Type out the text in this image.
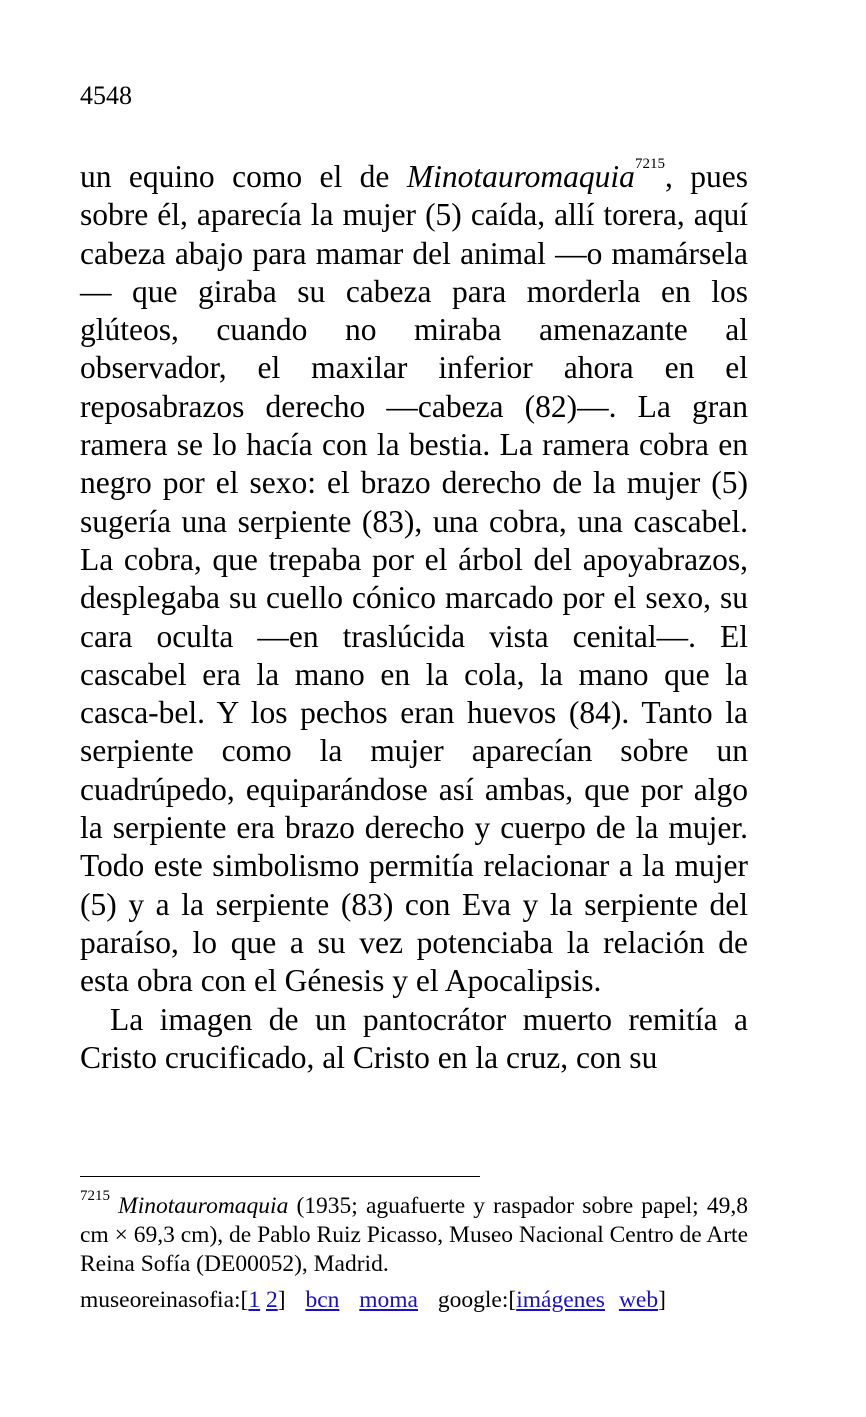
4548

un equino como el de Minotauromaquia$^{7215}$, pues sobre él, aparecía la mujer (5) caída, allí torera, aquí cabeza abajo para mamar del animal —o mamársela— que giraba su cabeza para morderla en los glúteos, cuando no miraba amenazante al observador, el maxilar inferior ahora en el reposabrazos derecho —cabeza (82)—. La gran ramera se lo hacía con la bestia. La ramera cobra en negro por el sexo: el brazo derecho de la mujer (5) sugería una serpiente (83), una cobra, una cascabel. La cobra, que trepaba por el árbol del apoyabrazos, desplegaba su cuello cónico marcado por el sexo, su cara oculta —en traslúcida vista cenital—. El cascabel era la mano en la cola, la mano que la casca-bel. Y los pechos eran huevos (84). Tanto la serpiente como la mujer aparecían sobre un cuadrúpedo, equiparándose así ambas, que por algo la serpiente era brazo derecho y cuerpo de la mujer. Todo este simbolismo permitía relacionar a la mujer (5) y a la serpiente (83) con Eva y la serpiente del paraíso, lo que a su vez potenciaba la relación de esta obra con el Génesis y el Apocalipsis.

La imagen de un pantocrátor muerto remitía a Cristo crucificado, al Cristo en la cruz, con su

$^{7215}$ Minotauromaquia (1935; aguafuerte y raspador sobre papel; 49,8 cm × 69,3 cm), de Pablo Ruiz Picasso, Museo Nacional Centro de Arte Reina Sofía (DE00052), Madrid.

museoreinasofia:[1 2] bcn moma google:[imágenes web]
